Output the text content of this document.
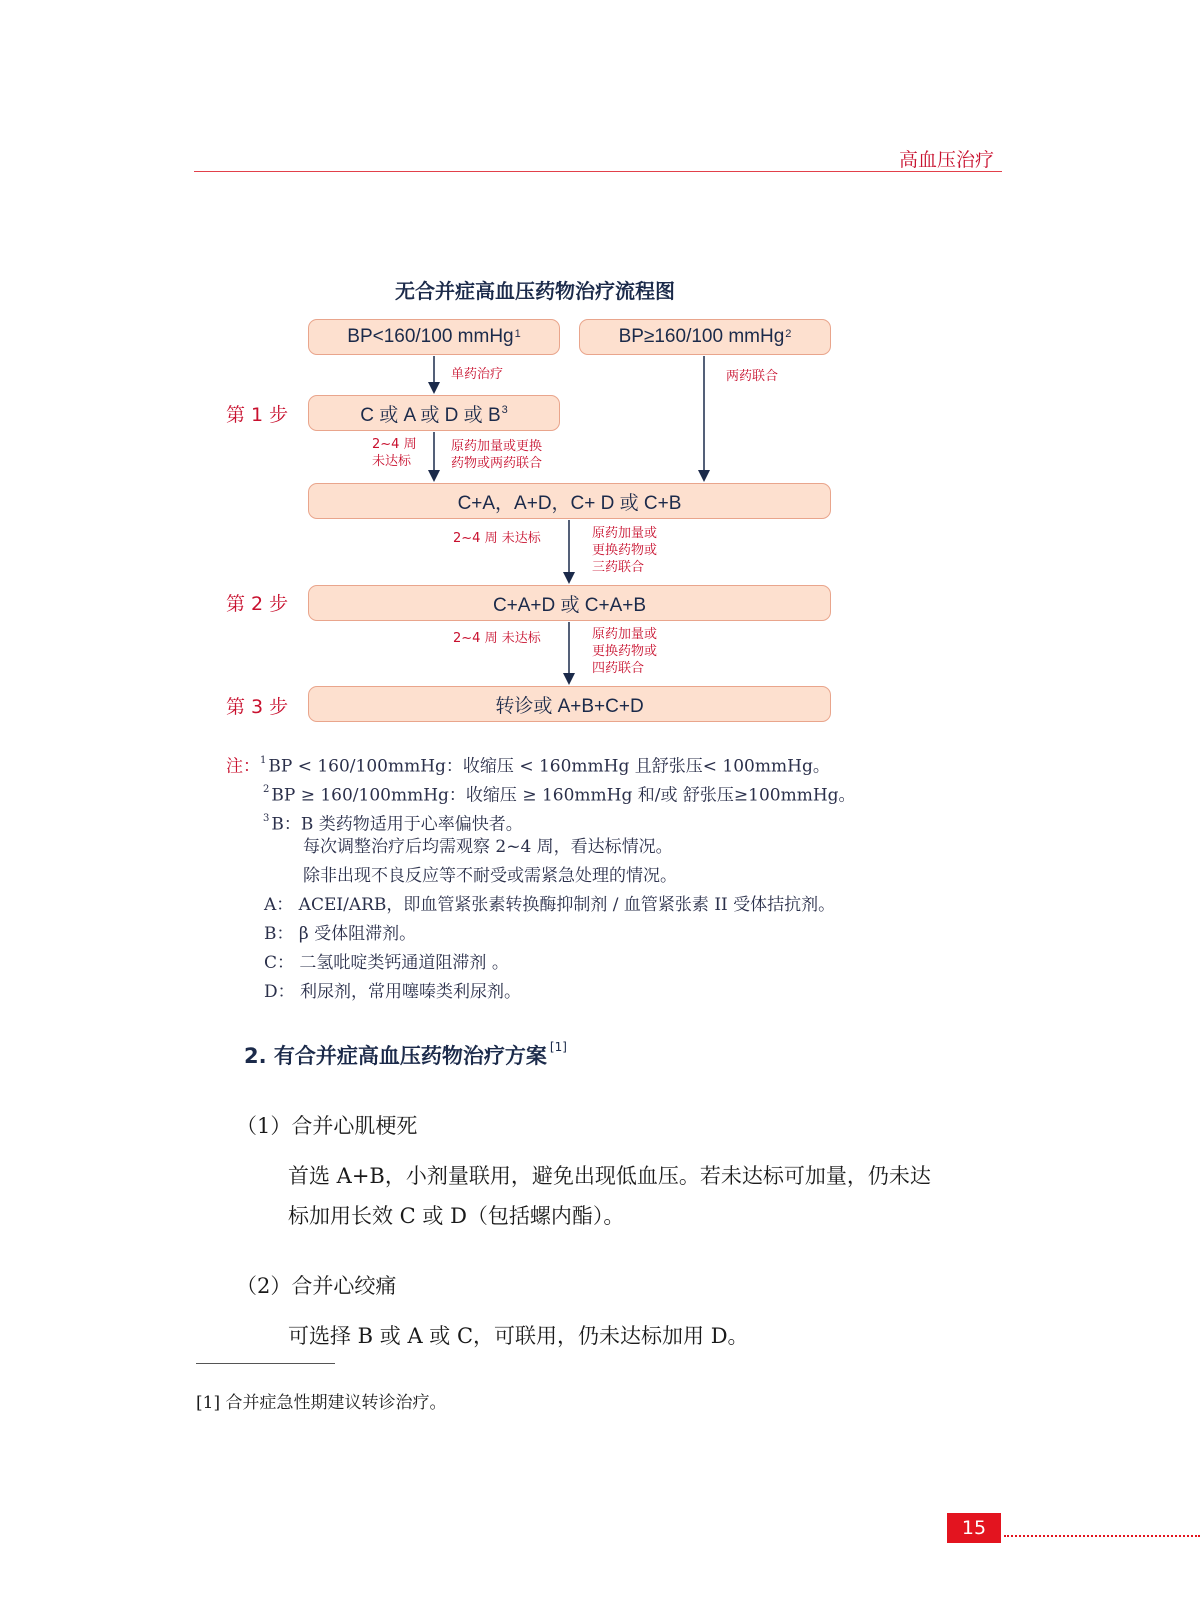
高血压治疗
无合并症高血压药物治疗流程图
BP<160/100 mmHg$^1$	BP≥160/100 mmHg$^2$
C 或 A 或 D 或 $B^3$
C+A，A+D，C+ D 或 C+B
C+A+D 或 C+A+B
转诊或 A+B+C+D
第 1 步
第 2 步
第 3 步
单药治疗	两药联合
2~4 周
未达标
原药加量或更换
药物或两药联合
2~4 周 未达标	原药加量或
更换药物或
三药联合
2~4 周 未达标	原药加量或
更换药物或
四药联合
注：$^1$ BP < 160/100mmHg：收缩压 < 160mmHg 且舒张压< 100mmHg。
$^2$ BP ≥ 160/100mmHg：收缩压 ≥ 160mmHg 和/或 舒张压≥100mmHg。
$^3$ B：B 类药物适用于心率偏快者。
每次调整治疗后均需观察 2~4 周，看达标情况。
除非出现不良反应等不耐受或需紧急处理的情况。
A： ACEI/ARB，即血管紧张素转换酶抑制剂 / 血管紧张素 II 受体拮抗剂。
B： β 受体阻滞剂。
C： 二氢吡啶类钙通道阻滞剂 。
D： 利尿剂，常用噻嗪类利尿剂。
2. 有合并症高血压药物治疗方案 [1]
（1）合并心肌梗死
首选 A+B，小剂量联用，避免出现低血压。若未达标可加量，仍未达
标加用长效 C 或 D（包括螺内酯）。
（2）合并心绞痛
可选择 B 或 A 或 C，可联用，仍未达标加用 D。
[1] 合并症急性期建议转诊治疗。
15
